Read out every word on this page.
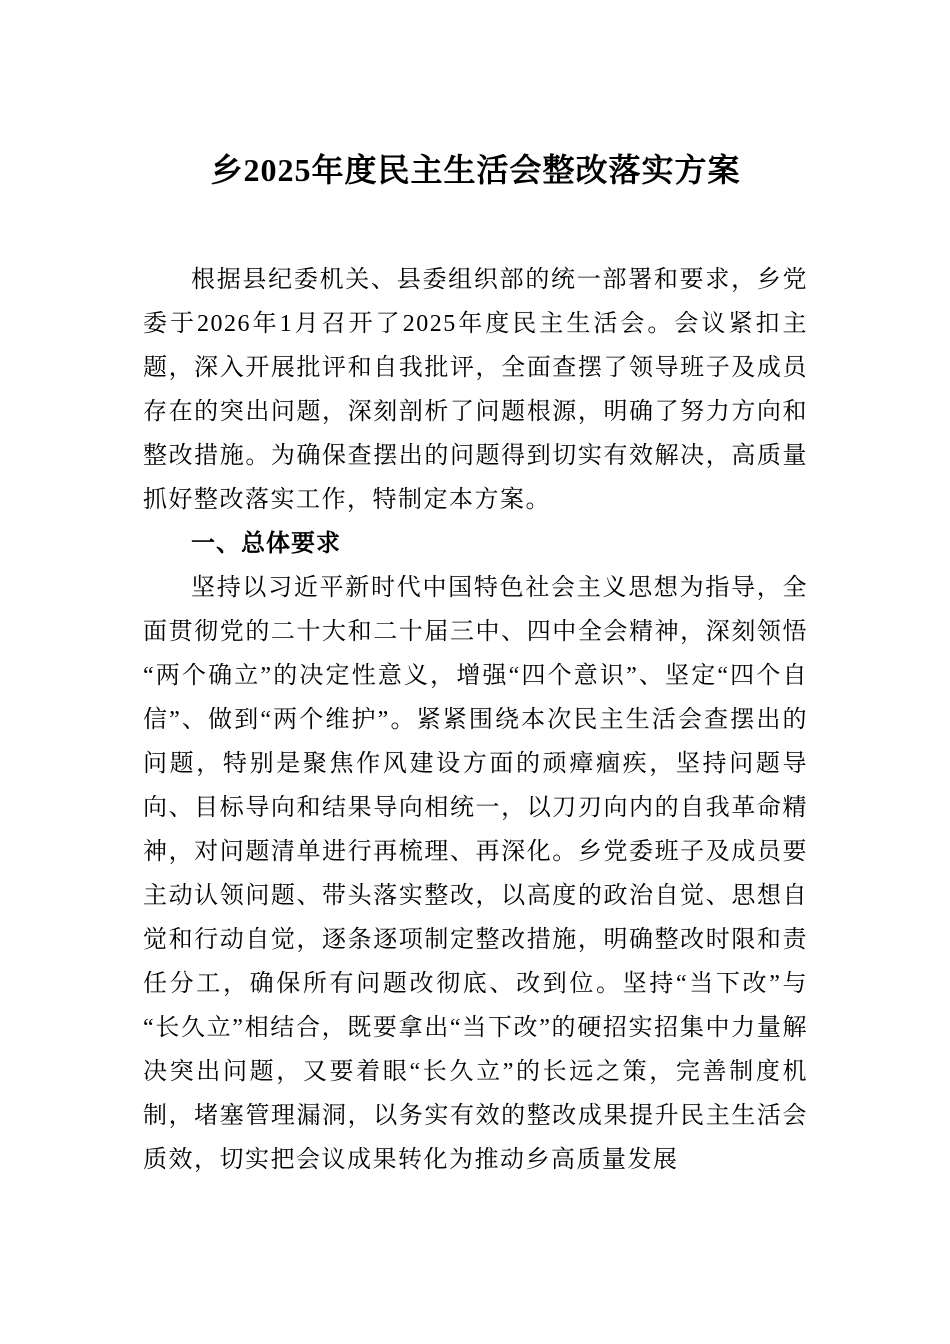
乡2025年度民主生活会整改落实方案

根据县纪委机关、县委组织部的统一部署和要求，乡党委于2026年1月召开了2025年度民主生活会。会议紧扣主题，深入开展批评和自我批评，全面查摆了领导班子及成员存在的突出问题，深刻剖析了问题根源，明确了努力方向和整改措施。为确保查摆出的问题得到切实有效解决，高质量抓好整改落实工作，特制定本方案。

一、总体要求

坚持以习近平新时代中国特色社会主义思想为指导，全面贯彻党的二十大和二十届三中、四中全会精神，深刻领悟“两个确立”的决定性意义，增强“四个意识”、坚定“四个自信”、做到“两个维护”。紧紧围绕本次民主生活会查摆出的问题，特别是聚焦作风建设方面的顽瘴痼疾，坚持问题导向、目标导向和结果导向相统一，以刀刃向内的自我革命精神，对问题清单进行再梳理、再深化。乡党委班子及成员要主动认领问题、带头落实整改，以高度的政治自觉、思想自觉和行动自觉，逐条逐项制定整改措施，明确整改时限和责任分工，确保所有问题改彻底、改到位。坚持“当下改”与“长久立”相结合，既要拿出“当下改”的硬招实招集中力量解决突出问题，又要着眼“长久立”的长远之策，完善制度机制，堵塞管理漏洞，以务实有效的整改成果提升民主生活会质效，切实把会议成果转化为推动乡高质量发展
